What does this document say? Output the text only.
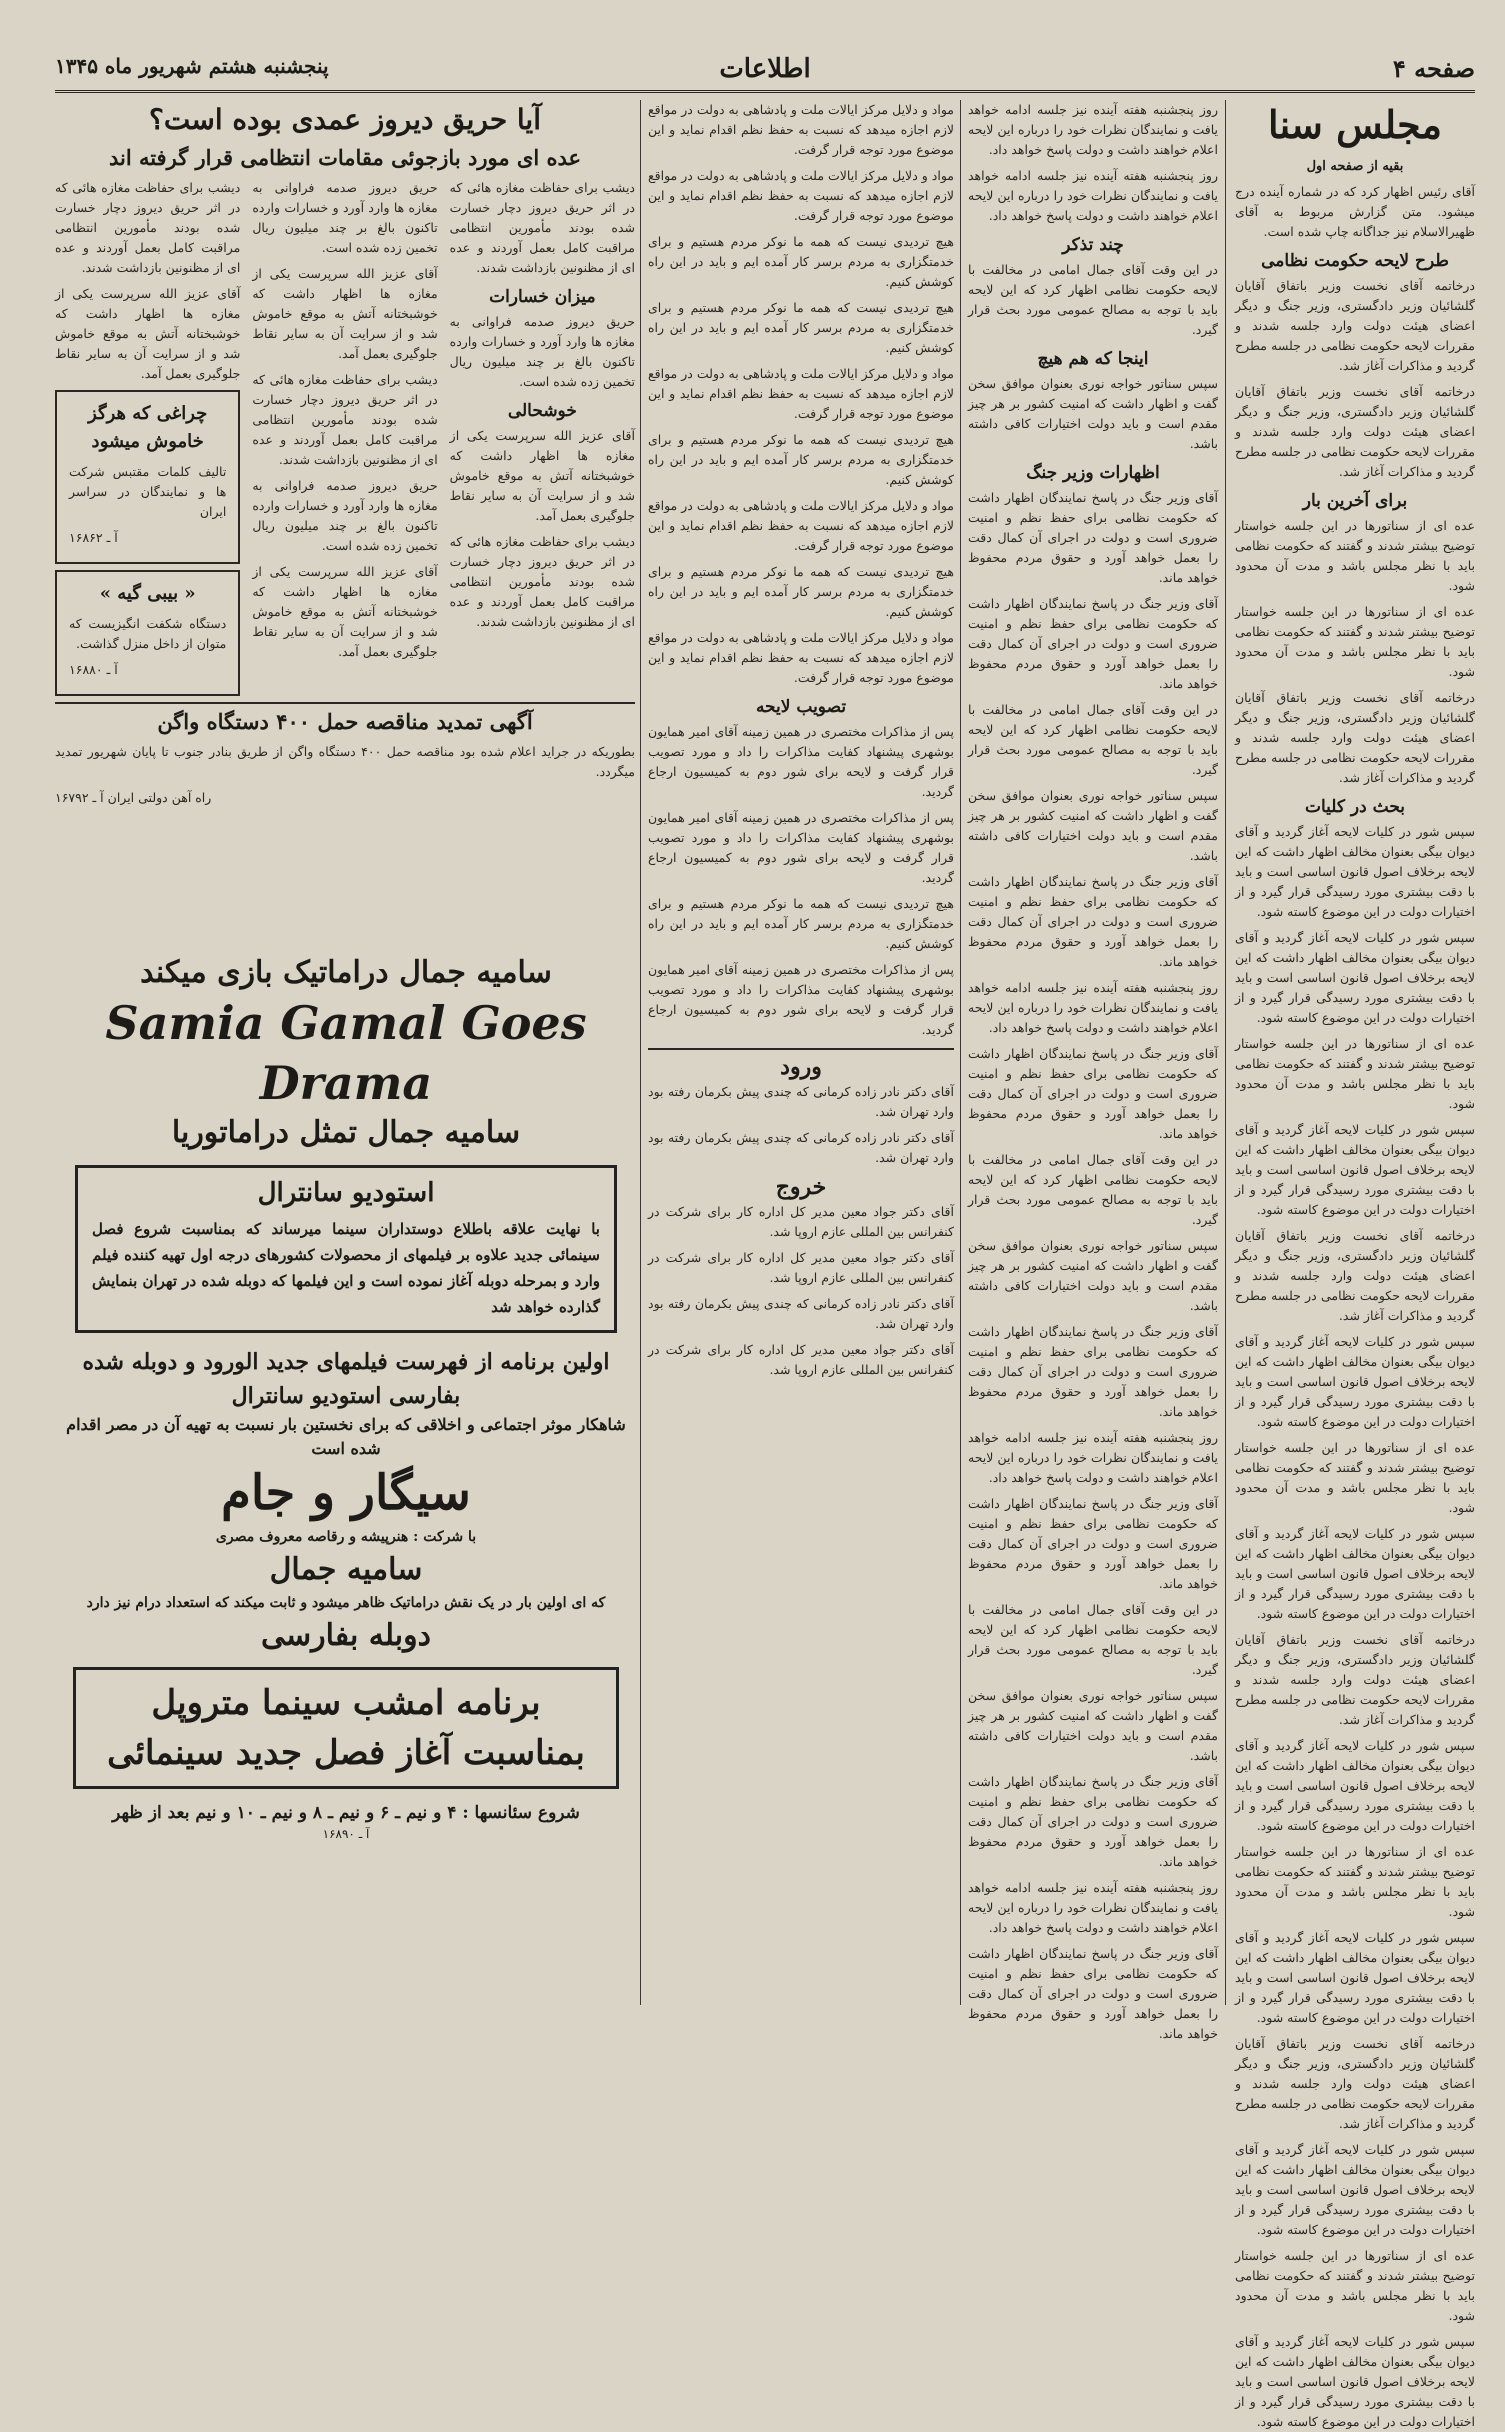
صفحه ۴
اطلاعات
پنجشنبه هشتم شهریور ماه ۱۳۴۵
مجلس سنا
بقیه از صفحه اول

آقای رئیس اظهار کرد که در شماره آینده درج میشود. متن گزارش مربوط به آقای ظهیرالاسلام نیز جداگانه چاپ شده است.

طرح لایحه حکومت نظامی

درخاتمه آقای نخست وزیر باتفاق آقایان گلشائیان وزیر دادگستری، وزیر جنگ و دیگر اعضای هیئت دولت وارد جلسه شدند و مقررات لایحه حکومت نظامی در جلسه مطرح گردید و مذاکرات آغاز شد.

درخاتمه آقای نخست وزیر باتفاق آقایان گلشائیان وزیر دادگستری، وزیر جنگ و دیگر اعضای هیئت دولت وارد جلسه شدند و مقررات لایحه حکومت نظامی در جلسه مطرح گردید و مذاکرات آغاز شد.

برای آخرین بار

عده ای از سناتورها در این جلسه خواستار توضیح بیشتر شدند و گفتند که حکومت نظامی باید با نظر مجلس باشد و مدت آن محدود شود.

عده ای از سناتورها در این جلسه خواستار توضیح بیشتر شدند و گفتند که حکومت نظامی باید با نظر مجلس باشد و مدت آن محدود شود.

درخاتمه آقای نخست وزیر باتفاق آقایان گلشائیان وزیر دادگستری، وزیر جنگ و دیگر اعضای هیئت دولت وارد جلسه شدند و مقررات لایحه حکومت نظامی در جلسه مطرح گردید و مذاکرات آغاز شد.

بحث در کلیات

سپس شور در کلیات لایحه آغاز گردید و آقای دیوان بیگی بعنوان مخالف اظهار داشت که این لایحه برخلاف اصول قانون اساسی است و باید با دقت بیشتری مورد رسیدگی قرار گیرد و از اختیارات دولت در این موضوع کاسته شود.

سپس شور در کلیات لایحه آغاز گردید و آقای دیوان بیگی بعنوان مخالف اظهار داشت که این لایحه برخلاف اصول قانون اساسی است و باید با دقت بیشتری مورد رسیدگی قرار گیرد و از اختیارات دولت در این موضوع کاسته شود.

عده ای از سناتورها در این جلسه خواستار توضیح بیشتر شدند و گفتند که حکومت نظامی باید با نظر مجلس باشد و مدت آن محدود شود.

سپس شور در کلیات لایحه آغاز گردید و آقای دیوان بیگی بعنوان مخالف اظهار داشت که این لایحه برخلاف اصول قانون اساسی است و باید با دقت بیشتری مورد رسیدگی قرار گیرد و از اختیارات دولت در این موضوع کاسته شود.

درخاتمه آقای نخست وزیر باتفاق آقایان گلشائیان وزیر دادگستری، وزیر جنگ و دیگر اعضای هیئت دولت وارد جلسه شدند و مقررات لایحه حکومت نظامی در جلسه مطرح گردید و مذاکرات آغاز شد.

سپس شور در کلیات لایحه آغاز گردید و آقای دیوان بیگی بعنوان مخالف اظهار داشت که این لایحه برخلاف اصول قانون اساسی است و باید با دقت بیشتری مورد رسیدگی قرار گیرد و از اختیارات دولت در این موضوع کاسته شود.

عده ای از سناتورها در این جلسه خواستار توضیح بیشتر شدند و گفتند که حکومت نظامی باید با نظر مجلس باشد و مدت آن محدود شود.

سپس شور در کلیات لایحه آغاز گردید و آقای دیوان بیگی بعنوان مخالف اظهار داشت که این لایحه برخلاف اصول قانون اساسی است و باید با دقت بیشتری مورد رسیدگی قرار گیرد و از اختیارات دولت در این موضوع کاسته شود.

درخاتمه آقای نخست وزیر باتفاق آقایان گلشائیان وزیر دادگستری، وزیر جنگ و دیگر اعضای هیئت دولت وارد جلسه شدند و مقررات لایحه حکومت نظامی در جلسه مطرح گردید و مذاکرات آغاز شد.

سپس شور در کلیات لایحه آغاز گردید و آقای دیوان بیگی بعنوان مخالف اظهار داشت که این لایحه برخلاف اصول قانون اساسی است و باید با دقت بیشتری مورد رسیدگی قرار گیرد و از اختیارات دولت در این موضوع کاسته شود.

عده ای از سناتورها در این جلسه خواستار توضیح بیشتر شدند و گفتند که حکومت نظامی باید با نظر مجلس باشد و مدت آن محدود شود.

سپس شور در کلیات لایحه آغاز گردید و آقای دیوان بیگی بعنوان مخالف اظهار داشت که این لایحه برخلاف اصول قانون اساسی است و باید با دقت بیشتری مورد رسیدگی قرار گیرد و از اختیارات دولت در این موضوع کاسته شود.

درخاتمه آقای نخست وزیر باتفاق آقایان گلشائیان وزیر دادگستری، وزیر جنگ و دیگر اعضای هیئت دولت وارد جلسه شدند و مقررات لایحه حکومت نظامی در جلسه مطرح گردید و مذاکرات آغاز شد.

سپس شور در کلیات لایحه آغاز گردید و آقای دیوان بیگی بعنوان مخالف اظهار داشت که این لایحه برخلاف اصول قانون اساسی است و باید با دقت بیشتری مورد رسیدگی قرار گیرد و از اختیارات دولت در این موضوع کاسته شود.

عده ای از سناتورها در این جلسه خواستار توضیح بیشتر شدند و گفتند که حکومت نظامی باید با نظر مجلس باشد و مدت آن محدود شود.

سپس شور در کلیات لایحه آغاز گردید و آقای دیوان بیگی بعنوان مخالف اظهار داشت که این لایحه برخلاف اصول قانون اساسی است و باید با دقت بیشتری مورد رسیدگی قرار گیرد و از اختیارات دولت در این موضوع کاسته شود.

روز پنجشنبه هفته آینده نیز جلسه ادامه خواهد یافت و نمایندگان نظرات خود را درباره این لایحه اعلام خواهند داشت و دولت پاسخ خواهد داد.

روز پنجشنبه هفته آینده نیز جلسه ادامه خواهد یافت و نمایندگان نظرات خود را درباره این لایحه اعلام خواهند داشت و دولت پاسخ خواهد داد.

چند تذکر

در این وقت آقای جمال امامی در مخالفت با لایحه حکومت نظامی اظهار کرد که این لایحه باید با توجه به مصالح عمومی مورد بحث قرار گیرد.

اینجا که هم هیچ

سپس سناتور خواجه نوری بعنوان موافق سخن گفت و اظهار داشت که امنیت کشور بر هر چیز مقدم است و باید دولت اختیارات کافی داشته باشد.

اظهارات وزیر جنگ

آقای وزیر جنگ در پاسخ نمایندگان اظهار داشت که حکومت نظامی برای حفظ نظم و امنیت ضروری است و دولت در اجرای آن کمال دقت را بعمل خواهد آورد و حقوق مردم محفوظ خواهد ماند.

آقای وزیر جنگ در پاسخ نمایندگان اظهار داشت که حکومت نظامی برای حفظ نظم و امنیت ضروری است و دولت در اجرای آن کمال دقت را بعمل خواهد آورد و حقوق مردم محفوظ خواهد ماند.

در این وقت آقای جمال امامی در مخالفت با لایحه حکومت نظامی اظهار کرد که این لایحه باید با توجه به مصالح عمومی مورد بحث قرار گیرد.

سپس سناتور خواجه نوری بعنوان موافق سخن گفت و اظهار داشت که امنیت کشور بر هر چیز مقدم است و باید دولت اختیارات کافی داشته باشد.

آقای وزیر جنگ در پاسخ نمایندگان اظهار داشت که حکومت نظامی برای حفظ نظم و امنیت ضروری است و دولت در اجرای آن کمال دقت را بعمل خواهد آورد و حقوق مردم محفوظ خواهد ماند.

روز پنجشنبه هفته آینده نیز جلسه ادامه خواهد یافت و نمایندگان نظرات خود را درباره این لایحه اعلام خواهند داشت و دولت پاسخ خواهد داد.

آقای وزیر جنگ در پاسخ نمایندگان اظهار داشت که حکومت نظامی برای حفظ نظم و امنیت ضروری است و دولت در اجرای آن کمال دقت را بعمل خواهد آورد و حقوق مردم محفوظ خواهد ماند.

در این وقت آقای جمال امامی در مخالفت با لایحه حکومت نظامی اظهار کرد که این لایحه باید با توجه به مصالح عمومی مورد بحث قرار گیرد.

سپس سناتور خواجه نوری بعنوان موافق سخن گفت و اظهار داشت که امنیت کشور بر هر چیز مقدم است و باید دولت اختیارات کافی داشته باشد.

آقای وزیر جنگ در پاسخ نمایندگان اظهار داشت که حکومت نظامی برای حفظ نظم و امنیت ضروری است و دولت در اجرای آن کمال دقت را بعمل خواهد آورد و حقوق مردم محفوظ خواهد ماند.

روز پنجشنبه هفته آینده نیز جلسه ادامه خواهد یافت و نمایندگان نظرات خود را درباره این لایحه اعلام خواهند داشت و دولت پاسخ خواهد داد.

آقای وزیر جنگ در پاسخ نمایندگان اظهار داشت که حکومت نظامی برای حفظ نظم و امنیت ضروری است و دولت در اجرای آن کمال دقت را بعمل خواهد آورد و حقوق مردم محفوظ خواهد ماند.

در این وقت آقای جمال امامی در مخالفت با لایحه حکومت نظامی اظهار کرد که این لایحه باید با توجه به مصالح عمومی مورد بحث قرار گیرد.

سپس سناتور خواجه نوری بعنوان موافق سخن گفت و اظهار داشت که امنیت کشور بر هر چیز مقدم است و باید دولت اختیارات کافی داشته باشد.

آقای وزیر جنگ در پاسخ نمایندگان اظهار داشت که حکومت نظامی برای حفظ نظم و امنیت ضروری است و دولت در اجرای آن کمال دقت را بعمل خواهد آورد و حقوق مردم محفوظ خواهد ماند.

روز پنجشنبه هفته آینده نیز جلسه ادامه خواهد یافت و نمایندگان نظرات خود را درباره این لایحه اعلام خواهند داشت و دولت پاسخ خواهد داد.

آقای وزیر جنگ در پاسخ نمایندگان اظهار داشت که حکومت نظامی برای حفظ نظم و امنیت ضروری است و دولت در اجرای آن کمال دقت را بعمل خواهد آورد و حقوق مردم محفوظ خواهد ماند.

مواد و دلایل مرکز ایالات ملت و پادشاهی به دولت در مواقع لازم اجازه میدهد که نسبت به حفظ نظم اقدام نماید و این موضوع مورد توجه قرار گرفت.

مواد و دلایل مرکز ایالات ملت و پادشاهی به دولت در مواقع لازم اجازه میدهد که نسبت به حفظ نظم اقدام نماید و این موضوع مورد توجه قرار گرفت.

هیچ تردیدی نیست که همه ما نوکر مردم هستیم و برای خدمتگزاری به مردم برسر کار آمده ایم و باید در این راه کوشش کنیم.

هیچ تردیدی نیست که همه ما نوکر مردم هستیم و برای خدمتگزاری به مردم برسر کار آمده ایم و باید در این راه کوشش کنیم.

مواد و دلایل مرکز ایالات ملت و پادشاهی به دولت در مواقع لازم اجازه میدهد که نسبت به حفظ نظم اقدام نماید و این موضوع مورد توجه قرار گرفت.

هیچ تردیدی نیست که همه ما نوکر مردم هستیم و برای خدمتگزاری به مردم برسر کار آمده ایم و باید در این راه کوشش کنیم.

مواد و دلایل مرکز ایالات ملت و پادشاهی به دولت در مواقع لازم اجازه میدهد که نسبت به حفظ نظم اقدام نماید و این موضوع مورد توجه قرار گرفت.

هیچ تردیدی نیست که همه ما نوکر مردم هستیم و برای خدمتگزاری به مردم برسر کار آمده ایم و باید در این راه کوشش کنیم.

مواد و دلایل مرکز ایالات ملت و پادشاهی به دولت در مواقع لازم اجازه میدهد که نسبت به حفظ نظم اقدام نماید و این موضوع مورد توجه قرار گرفت.

تصویب لایحه

پس از مذاکرات مختصری در همین زمینه آقای امیر همایون بوشهری پیشنهاد کفایت مذاکرات را داد و مورد تصویب قرار گرفت و لایحه برای شور دوم به کمیسیون ارجاع گردید.

پس از مذاکرات مختصری در همین زمینه آقای امیر همایون بوشهری پیشنهاد کفایت مذاکرات را داد و مورد تصویب قرار گرفت و لایحه برای شور دوم به کمیسیون ارجاع گردید.

هیچ تردیدی نیست که همه ما نوکر مردم هستیم و برای خدمتگزاری به مردم برسر کار آمده ایم و باید در این راه کوشش کنیم.

پس از مذاکرات مختصری در همین زمینه آقای امیر همایون بوشهری پیشنهاد کفایت مذاکرات را داد و مورد تصویب قرار گرفت و لایحه برای شور دوم به کمیسیون ارجاع گردید.

ورود

آقای دکتر نادر زاده کرمانی که چندی پیش بکرمان رفته بود وارد تهران شد.

آقای دکتر نادر زاده کرمانی که چندی پیش بکرمان رفته بود وارد تهران شد.

خروج

آقای دکتر جواد معین مدیر کل اداره کار برای شرکت در کنفرانس بین المللی عازم اروپا شد.

آقای دکتر جواد معین مدیر کل اداره کار برای شرکت در کنفرانس بین المللی عازم اروپا شد.

آقای دکتر نادر زاده کرمانی که چندی پیش بکرمان رفته بود وارد تهران شد.

آقای دکتر جواد معین مدیر کل اداره کار برای شرکت در کنفرانس بین المللی عازم اروپا شد.

آیا حریق دیروز عمدی بوده است؟
عده ای مورد بازجوئی مقامات انتظامی قرار گرفته اند

دیشب برای حفاظت مغازه هائی که در اثر حریق دیروز دچار خسارت شده بودند مأمورین انتظامی مراقبت کامل بعمل آوردند و عده ای از مظنونین بازداشت شدند.

میزان خسارات

حریق دیروز صدمه فراوانی به مغازه ها وارد آورد و خسارات وارده تاکنون بالغ بر چند میلیون ریال تخمین زده شده است.

خوشحالی

آقای عزیز الله سرپرست یکی از مغازه ها اظهار داشت که خوشبختانه آتش به موقع خاموش شد و از سرایت آن به سایر نقاط جلوگیری بعمل آمد.

دیشب برای حفاظت مغازه هائی که در اثر حریق دیروز دچار خسارت شده بودند مأمورین انتظامی مراقبت کامل بعمل آوردند و عده ای از مظنونین بازداشت شدند.

حریق دیروز صدمه فراوانی به مغازه ها وارد آورد و خسارات وارده تاکنون بالغ بر چند میلیون ریال تخمین زده شده است.

آقای عزیز الله سرپرست یکی از مغازه ها اظهار داشت که خوشبختانه آتش به موقع خاموش شد و از سرایت آن به سایر نقاط جلوگیری بعمل آمد.

دیشب برای حفاظت مغازه هائی که در اثر حریق دیروز دچار خسارت شده بودند مأمورین انتظامی مراقبت کامل بعمل آوردند و عده ای از مظنونین بازداشت شدند.

حریق دیروز صدمه فراوانی به مغازه ها وارد آورد و خسارات وارده تاکنون بالغ بر چند میلیون ریال تخمین زده شده است.

آقای عزیز الله سرپرست یکی از مغازه ها اظهار داشت که خوشبختانه آتش به موقع خاموش شد و از سرایت آن به سایر نقاط جلوگیری بعمل آمد.

دیشب برای حفاظت مغازه هائی که در اثر حریق دیروز دچار خسارت شده بودند مأمورین انتظامی مراقبت کامل بعمل آوردند و عده ای از مظنونین بازداشت شدند.

آقای عزیز الله سرپرست یکی از مغازه ها اظهار داشت که خوشبختانه آتش به موقع خاموش شد و از سرایت آن به سایر نقاط جلوگیری بعمل آمد.

چراغی که هرگز خاموش میشود

تالیف کلمات مقتبس شرکت ها و نمایندگان در سراسر ایران

آ ـ ۱۶۸۶۲
« بیبی گیه »

دستگاه شکفت انگیزیست که متوان از داخل منزل گذاشت.

آ ـ ۱۶۸۸۰
آگهی تمدید مناقصه حمل ۴۰۰ دستگاه واگن

بطوریکه در جراید اعلام شده بود مناقصه حمل ۴۰۰ دستگاه واگن از طریق بنادر جنوب تا پایان شهریور تمدید میگردد.

راه آهن دولتی ایران آ ـ ۱۶۷۹۲
سامیه جمال دراماتیک بازی میکند
Samia Gamal Goes Drama
سامیه جمال تمثل دراماتوریا
استودیو سانترال
با نهایت علاقه باطلاع دوستداران سینما میرساند که بمناسبت شروع فصل سینمائی جدید علاوه بر فیلمهای از محصولات کشورهای درجه اول تهیه کننده فیلم وارد و بمرحله دوبله آغاز نموده است و این فیلمها که دوبله شده در تهران بنمایش گذارده خواهد شد
اولین برنامه از فهرست فیلمهای جدید الورود و دوبله شده
بفارسی استودیو سانترال
شاهکار موثر اجتماعی و اخلاقی که برای نخستین بار نسبت به تهیه آن در مصر اقدام شده است
سیگار و جام
با شرکت : هنرپیشه و رقاصه معروف مصری
سامیه جمال
که ای اولین بار در یک نقش دراماتیک ظاهر میشود و ثابت میکند که استعداد درام نیز دارد
دوبله بفارسی
برنامه امشب سینما متروپل
بمناسبت آغاز فصل جدید سینمائی
شروع سئانسها : ۴ و نیم ـ ۶ و نیم ـ ۸ و نیم ـ ۱۰ و نیم بعد از ظهر
آ ـ ۱۶۸۹۰
